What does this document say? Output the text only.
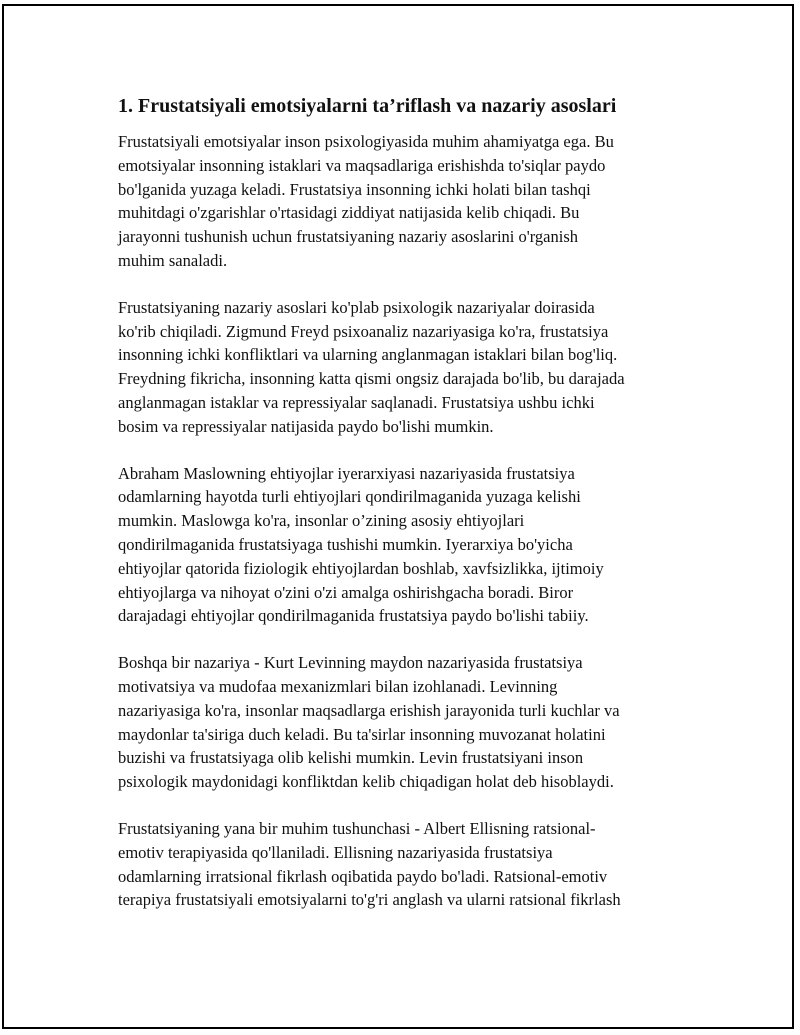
1. Frustatsiyali emotsiyalarni ta’riflash va nazariy asoslari
Frustatsiyali emotsiyalar inson psixologiyasida muhim ahamiyatga ega. Bu
emotsiyalar insonning istaklari va maqsadlariga erishishda to'siqlar paydo
bo'lganida yuzaga keladi. Frustatsiya insonning ichki holati bilan tashqi
muhitdagi o'zgarishlar o'rtasidagi ziddiyat natijasida kelib chiqadi. Bu
jarayonni tushunish uchun frustatsiyaning nazariy asoslarini o'rganish
muhim sanaladi.
Frustatsiyaning nazariy asoslari ko'plab psixologik nazariyalar doirasida
ko'rib chiqiladi. Zigmund Freyd psixoanaliz nazariyasiga ko'ra, frustatsiya
insonning ichki konfliktlari va ularning anglanmagan istaklari bilan bog'liq.
Freydning fikricha, insonning katta qismi ongsiz darajada bo'lib, bu darajada
anglanmagan istaklar va repressiyalar saqlanadi. Frustatsiya ushbu ichki
bosim va repressiyalar natijasida paydo bo'lishi mumkin.
Abraham Maslowning ehtiyojlar iyerarxiyasi nazariyasida frustatsiya
odamlarning hayotda turli ehtiyojlari qondirilmaganida yuzaga kelishi
mumkin. Maslowga ko'ra, insonlar o’zining asosiy ehtiyojlari
qondirilmaganida frustatsiyaga tushishi mumkin. Iyerarxiya bo'yicha
ehtiyojlar qatorida fiziologik ehtiyojlardan boshlab, xavfsizlikka, ijtimoiy
ehtiyojlarga va nihoyat o'zini o'zi amalga oshirishgacha boradi. Biror
darajadagi ehtiyojlar qondirilmaganida frustatsiya paydo bo'lishi tabiiy.
Boshqa bir nazariya - Kurt Levinning maydon nazariyasida frustatsiya
motivatsiya va mudofaa mexanizmlari bilan izohlanadi. Levinning
nazariyasiga ko'ra, insonlar maqsadlarga erishish jarayonida turli kuchlar va
maydonlar ta'siriga duch keladi. Bu ta'sirlar insonning muvozanat holatini
buzishi va frustatsiyaga olib kelishi mumkin. Levin frustatsiyani inson
psixologik maydonidagi konfliktdan kelib chiqadigan holat deb hisoblaydi.
Frustatsiyaning yana bir muhim tushunchasi - Albert Ellisning ratsional-
emotiv terapiyasida qo'llaniladi. Ellisning nazariyasida frustatsiya
odamlarning irratsional fikrlash oqibatida paydo bo'ladi. Ratsional-emotiv
terapiya frustatsiyali emotsiyalarni to'g'ri anglash va ularni ratsional fikrlash
